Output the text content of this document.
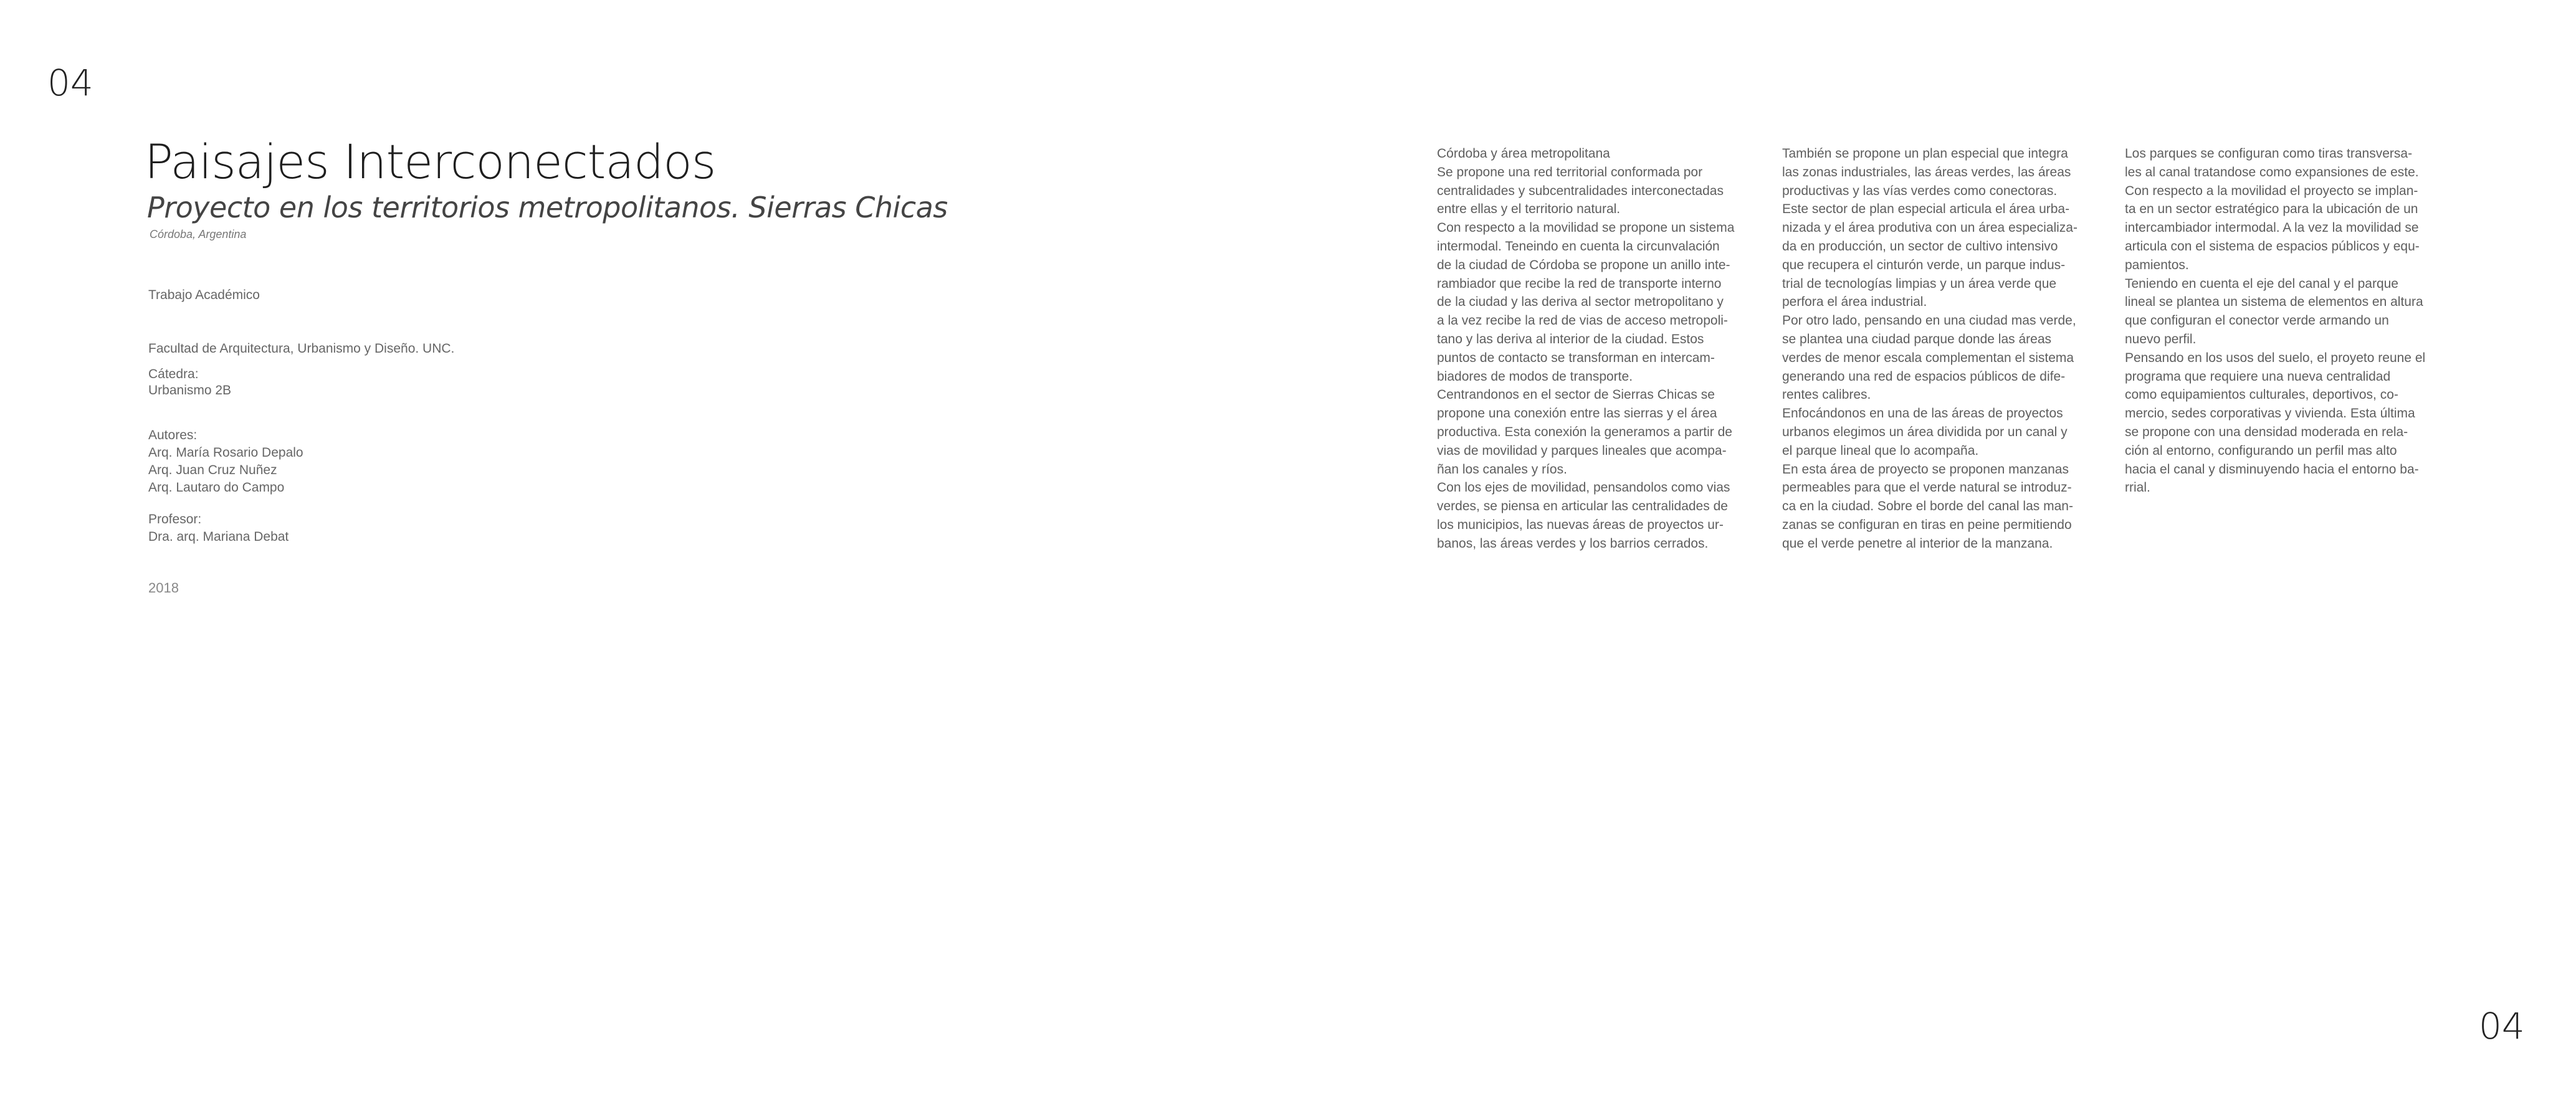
04
04
Paisajes Interconectados
Proyecto en los territorios metropolitanos. Sierras Chicas
Córdoba, Argentina
Trabajo Académico
Facultad de Arquitectura, Urbanismo y Diseño. UNC.
Cátedra:
Urbanismo 2B
Autores:
Arq. María Rosario Depalo
Arq. Juan Cruz Nuñez
Arq. Lautaro do Campo
Profesor:
Dra. arq. Mariana Debat
2018
Córdoba y área metropolitana
Se propone una red territorial conformada por
centralidades y subcentralidades interconectadas
entre ellas y el territorio natural.
Con respecto a la movilidad se propone un sistema
intermodal. Teneindo en cuenta la circunvalación
de la ciudad de Córdoba se propone un anillo inte-
rambiador que recibe la red de transporte interno
de la ciudad y las deriva al sector metropolitano y
a la vez recibe la red de vias de acceso metropoli-
tano y las deriva al interior de la ciudad. Estos
puntos de contacto se transforman en intercam-
biadores de modos de transporte.
Centrandonos en el sector de Sierras Chicas se
propone una conexión entre las sierras y el área
productiva. Esta conexión la generamos a partir de
vias de movilidad y parques lineales que acompa-
ñan los canales y ríos.
Con los ejes de movilidad, pensandolos como vias
verdes, se piensa en articular las centralidades de
los municipios, las nuevas áreas de proyectos ur-
banos, las áreas verdes y los barrios cerrados.
También se propone un plan especial que integra
las zonas industriales, las áreas verdes, las áreas
productivas y las vías verdes como conectoras.
Este sector de plan especial articula el área urba-
nizada y el área produtiva con un área especializa-
da en producción, un sector de cultivo intensivo
que recupera el cinturón verde, un parque indus-
trial de tecnologías limpias y un área verde que
perfora el área industrial.
Por otro lado, pensando en una ciudad mas verde,
se plantea una ciudad parque donde las áreas
verdes de menor escala complementan el sistema
generando una red de espacios públicos de dife-
rentes calibres.
Enfocándonos en una de las áreas de proyectos
urbanos elegimos un área dividida por un canal y
el parque lineal que lo acompaña.
En esta área de proyecto se proponen manzanas
permeables para que el verde natural se introduz-
ca en la ciudad. Sobre el borde del canal las man-
zanas se configuran en tiras en peine permitiendo
que el verde penetre al interior de la manzana.
Los parques se configuran como tiras transversa-
les al canal tratandose como expansiones de este.
Con respecto a la movilidad el proyecto se implan-
ta en un sector estratégico para la ubicación de un
intercambiador intermodal. A la vez la movilidad se
articula con el sistema de espacios públicos y equ-
pamientos.
Teniendo en cuenta el eje del canal y el parque
lineal se plantea un sistema de elementos en altura
que configuran el conector verde armando un
nuevo perfil.
Pensando en los usos del suelo, el proyeto reune el
programa que requiere una nueva centralidad
como equipamientos culturales, deportivos, co-
mercio, sedes corporativas y vivienda. Esta última
se propone con una densidad moderada en rela-
ción al entorno, configurando un perfil mas alto
hacia el canal y disminuyendo hacia el entorno ba-
rrial.
